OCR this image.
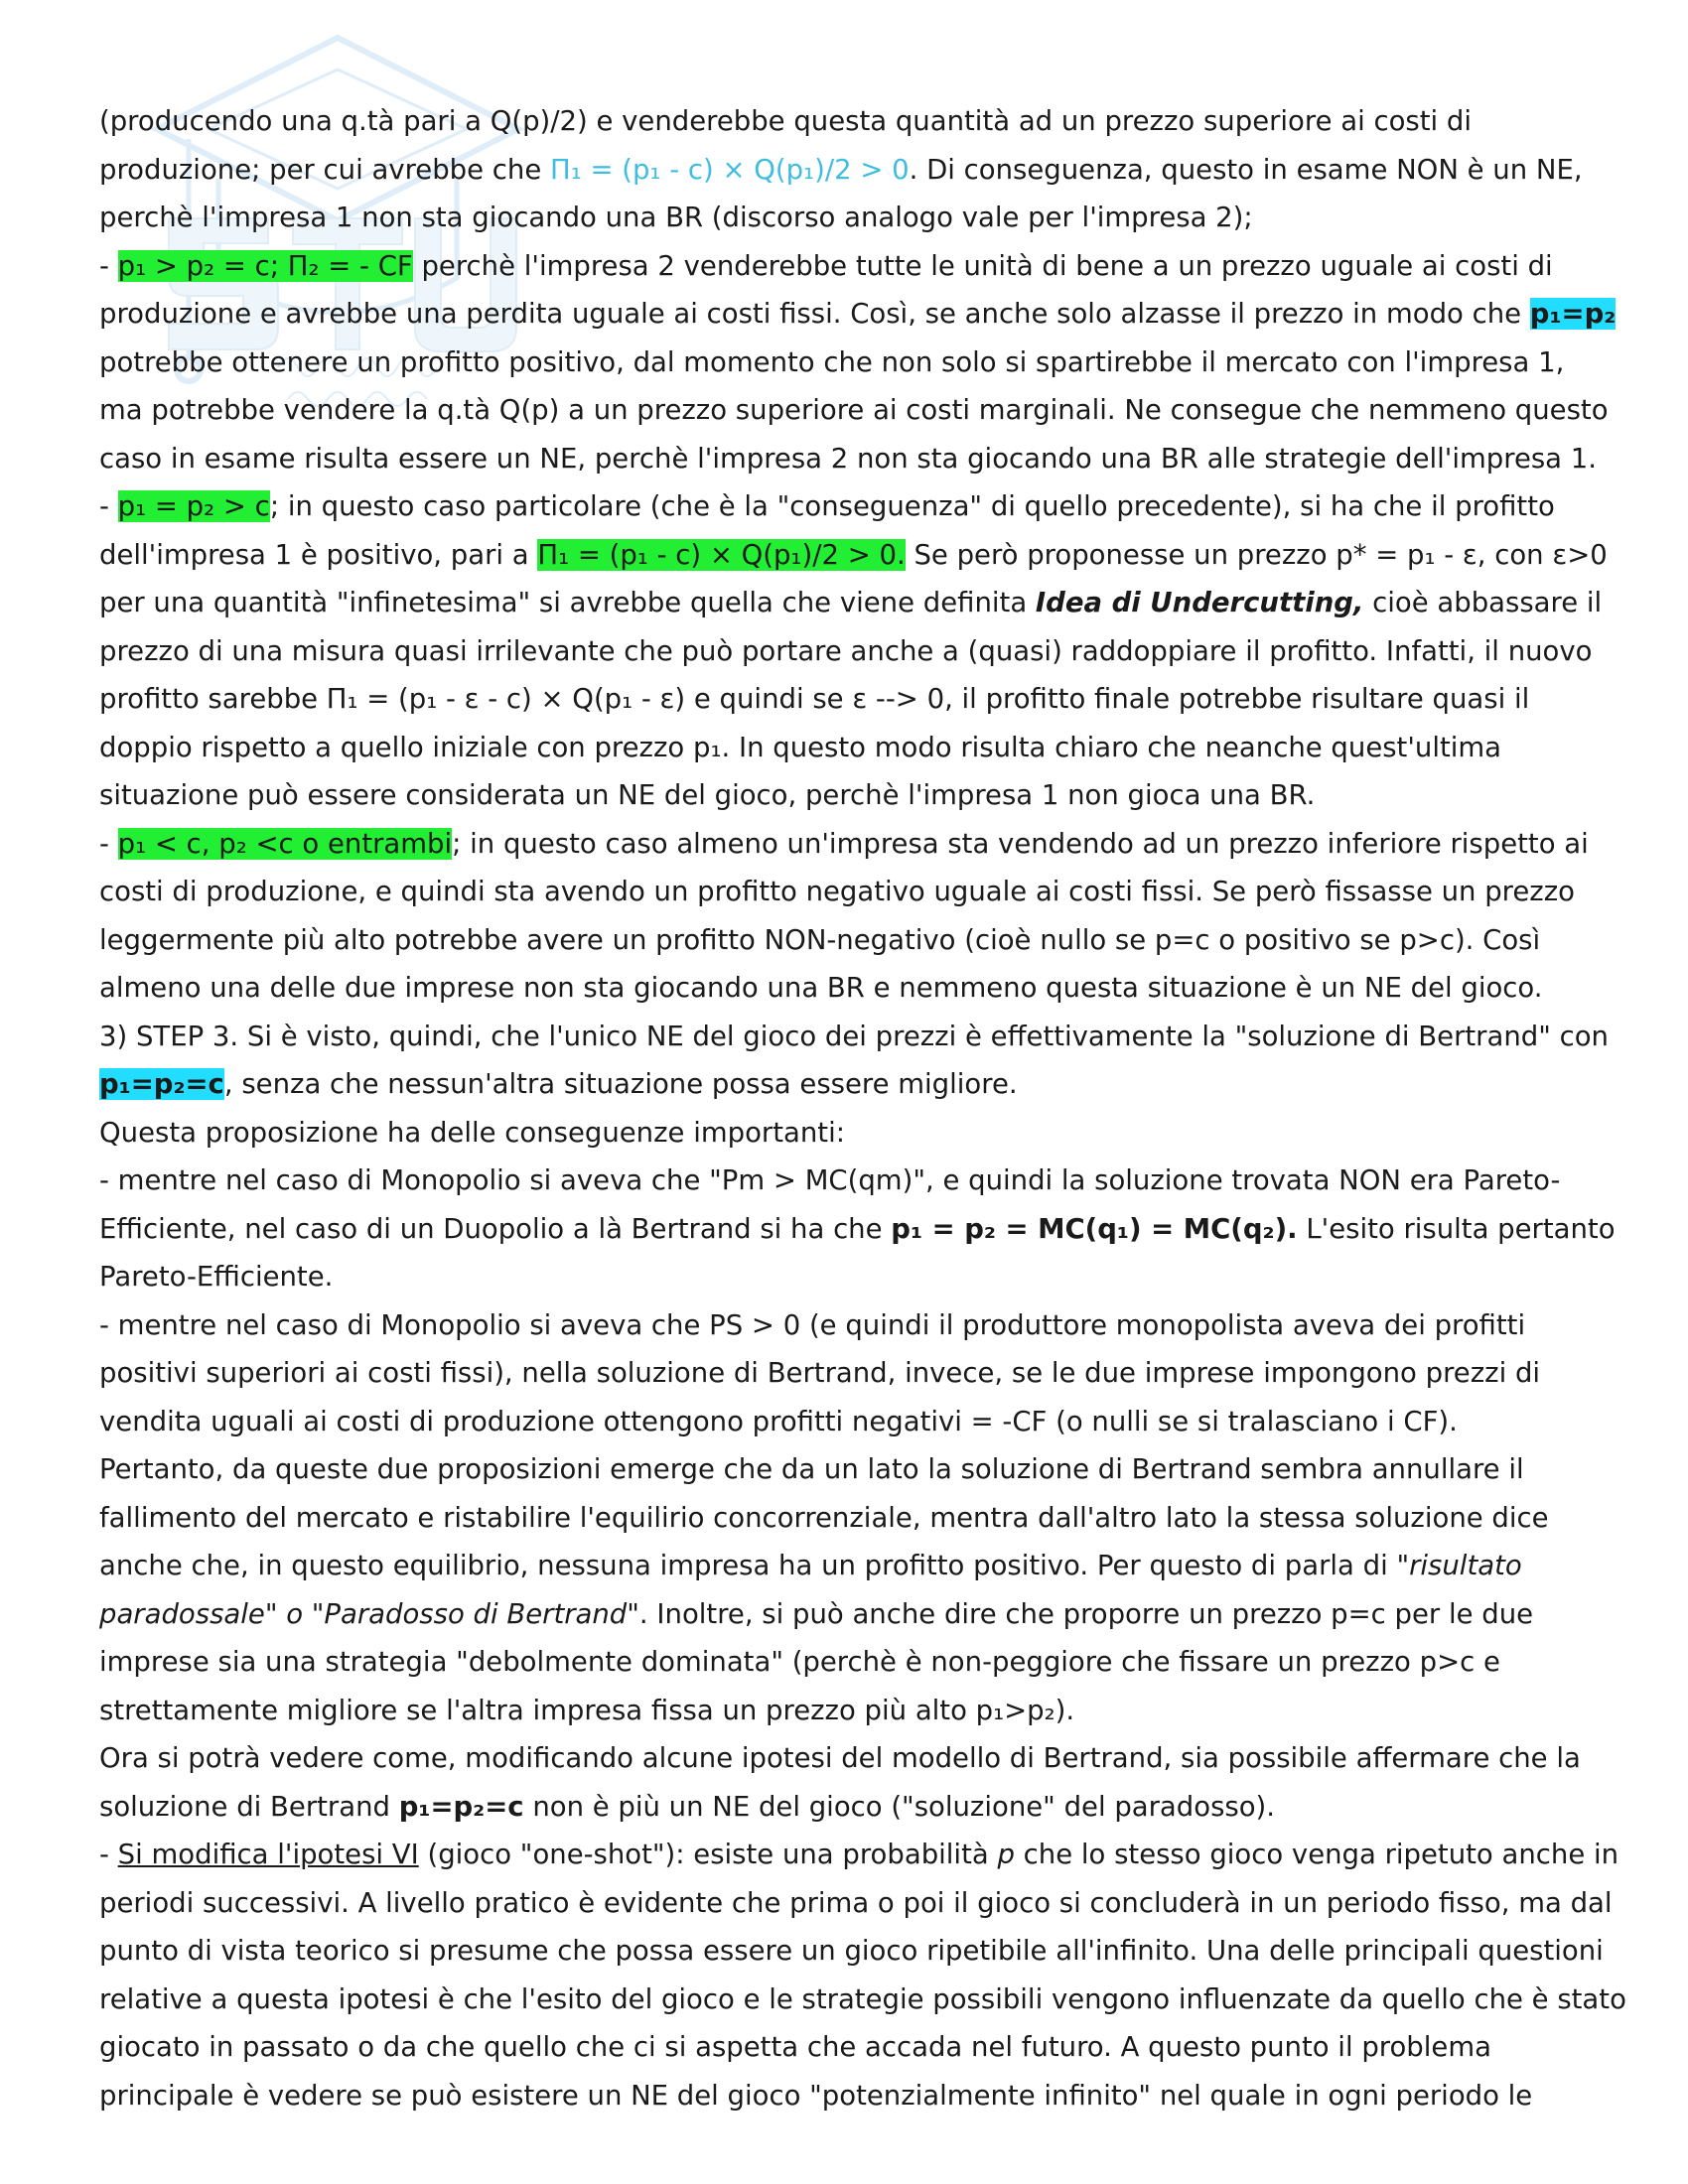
(producendo una q.tà pari a Q(p)/2) e venderebbe questa quantità ad un prezzo superiore ai costi di
produzione; per cui avrebbe che Π₁ = (p₁ - c) × Q(p₁)/2 > 0. Di conseguenza, questo in esame NON è un NE,
perchè l'impresa 1 non sta giocando una BR (discorso analogo vale per l'impresa 2);
- p₁ > p₂ = c; Π₂ = - CF perchè l'impresa 2 venderebbe tutte le unità di bene a un prezzo uguale ai costi di
produzione e avrebbe una perdita uguale ai costi fissi. Così, se anche solo alzasse il prezzo in modo che p₁=p₂
potrebbe ottenere un profitto positivo, dal momento che non solo si spartirebbe il mercato con l'impresa 1,
ma potrebbe vendere la q.tà Q(p) a un prezzo superiore ai costi marginali. Ne consegue che nemmeno questo
caso in esame risulta essere un NE, perchè l'impresa 2 non sta giocando una BR alle strategie dell'impresa 1.
- p₁ = p₂ > c; in questo caso particolare (che è la "conseguenza" di quello precedente), si ha che il profitto
dell'impresa 1 è positivo, pari a Π₁ = (p₁ - c) × Q(p₁)/2 > 0. Se però proponesse un prezzo p* = p₁ - ε, con ε>0
per una quantità "infinetesima" si avrebbe quella che viene definita Idea di Undercutting, cioè abbassare il
prezzo di una misura quasi irrilevante che può portare anche a (quasi) raddoppiare il profitto. Infatti, il nuovo
profitto sarebbe Π₁ = (p₁ - ε - c) × Q(p₁ - ε) e quindi se ε --> 0, il profitto finale potrebbe risultare quasi il
doppio rispetto a quello iniziale con prezzo p₁. In questo modo risulta chiaro che neanche quest'ultima
situazione può essere considerata un NE del gioco, perchè l'impresa 1 non gioca una BR.
- p₁ < c, p₂ <c o entrambi; in questo caso almeno un'impresa sta vendendo ad un prezzo inferiore rispetto ai
costi di produzione, e quindi sta avendo un profitto negativo uguale ai costi fissi. Se però fissasse un prezzo
leggermente più alto potrebbe avere un profitto NON-negativo (cioè nullo se p=c o positivo se p>c). Così
almeno una delle due imprese non sta giocando una BR e nemmeno questa situazione è un NE del gioco.
3) STEP 3. Si è visto, quindi, che l'unico NE del gioco dei prezzi è effettivamente la "soluzione di Bertrand" con
p₁=p₂=c, senza che nessun'altra situazione possa essere migliore.
Questa proposizione ha delle conseguenze importanti:
- mentre nel caso di Monopolio si aveva che "Pm > MC(qm)", e quindi la soluzione trovata NON era Pareto-
Efficiente, nel caso di un Duopolio a là Bertrand si ha che p₁ = p₂ = MC(q₁) = MC(q₂). L'esito risulta pertanto
Pareto-Efficiente.
- mentre nel caso di Monopolio si aveva che PS > 0 (e quindi il produttore monopolista aveva dei profitti
positivi superiori ai costi fissi), nella soluzione di Bertrand, invece, se le due imprese impongono prezzi di
vendita uguali ai costi di produzione ottengono profitti negativi = -CF (o nulli se si tralasciano i CF).
Pertanto, da queste due proposizioni emerge che da un lato la soluzione di Bertrand sembra annullare il
fallimento del mercato e ristabilire l'equilirio concorrenziale, mentra dall'altro lato la stessa soluzione dice
anche che, in questo equilibrio, nessuna impresa ha un profitto positivo. Per questo di parla di "risultato
paradossale" o "Paradosso di Bertrand". Inoltre, si può anche dire che proporre un prezzo p=c per le due
imprese sia una strategia "debolmente dominata" (perchè è non-peggiore che fissare un prezzo p>c e
strettamente migliore se l'altra impresa fissa un prezzo più alto p₁>p₂).
Ora si potrà vedere come, modificando alcune ipotesi del modello di Bertrand, sia possibile affermare che la
soluzione di Bertrand p₁=p₂=c non è più un NE del gioco ("soluzione" del paradosso).
- Si modifica l'ipotesi VI (gioco "one-shot"): esiste una probabilità p che lo stesso gioco venga ripetuto anche in
periodi successivi. A livello pratico è evidente che prima o poi il gioco si concluderà in un periodo fisso, ma dal
punto di vista teorico si presume che possa essere un gioco ripetibile all'infinito. Una delle principali questioni
relative a questa ipotesi è che l'esito del gioco e le strategie possibili vengono influenzate da quello che è stato
giocato in passato o da che quello che ci si aspetta che accada nel futuro. A questo punto il problema
principale è vedere se può esistere un NE del gioco "potenzialmente infinito" nel quale in ogni periodo le
